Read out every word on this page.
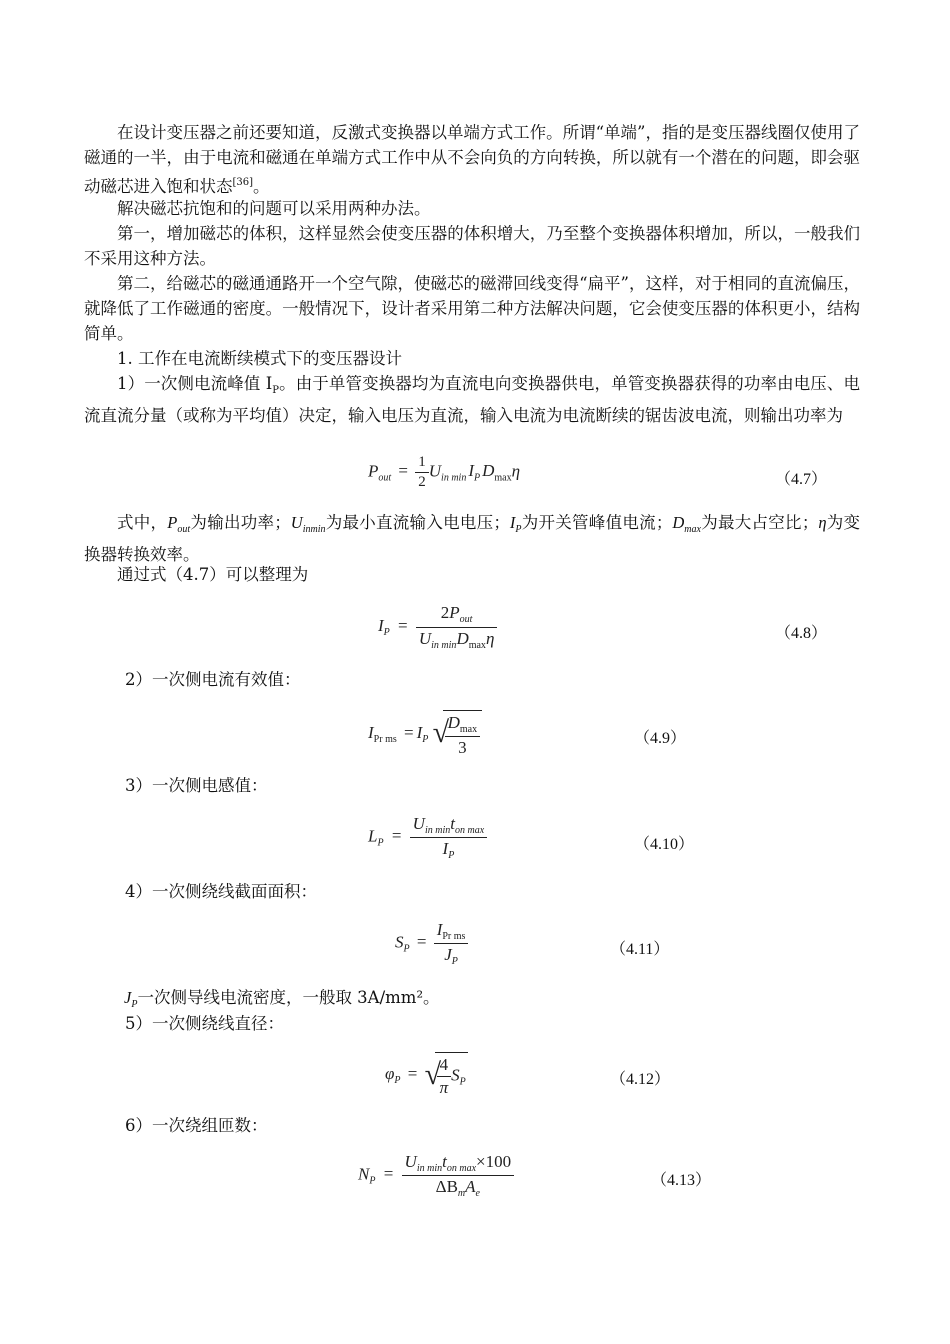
在设计变压器之前还要知道，反激式变换器以单端方式工作。所谓“单端”，指的是变压器线圈仅使用了磁通的一半，由于电流和磁通在单端方式工作中从不会向负的方向转换，所以就有一个潜在的问题，即会驱动磁芯进入饱和状态[36]。

解决磁芯抗饱和的问题可以采用两种办法。

第一，增加磁芯的体积，这样显然会使变压器的体积增大，乃至整个变换器体积增加，所以，一般我们不采用这种方法。

第二，给磁芯的磁通通路开一个空气隙，使磁芯的磁滞回线变得“扁平”，这样，对于相同的直流偏压，就降低了工作磁通的密度。一般情况下，设计者采用第二种方法解决问题，它会使变压器的体积更小，结构简单。

1. 工作在电流断续模式下的变压器设计

1）一次侧电流峰值 $I_P$。由于单管变换器均为直流电向变换器供电，单管变换器获得的功率由电压、电流直流分量（或称为平均值）决定，输入电压为直流，输入电流为电流断续的锯齿波电流，则输出功率为

$P_{out} = \frac{1}{2} U_{in min}$ $I_P$ $D_{max}\eta$	（4.7）

式中，$P_{out}$为输出功率；$U_{inmin}$为最小直流输入电电压；$I_P$为开关管峰值电流；$D_{max}$为最大占空比；η为变换器转换效率。

通过式（4.7）可以整理为

$I_P = \frac{2P_{out}}{U_{in min}D_{max}\eta}$	（4.8）
2）一次侧电流有效值：
$I_{Pr ms} = I_P$ √
$\frac{D_{max}}{3}$	（4.9）
3）一次侧电感值：
$L_P = \frac{U_{in min}t_{on max}}{I_P}$	（4.10）
4）一次侧绕线截面面积：
$S_P = \frac{I_{Pr ms}}{J_P}$	（4.11）
$J_P$一次侧导线电流密度，一般取 3A/mm²。
5）一次侧绕线直径：
$\varphi_P$ = √
$\frac{4}{\pi} S_P$	（4.12）
6）一次绕组匝数：
$N_P = \frac{U_{in min}t_{on max}\times 100}{\Delta B_mA_e}$	（4.13）
